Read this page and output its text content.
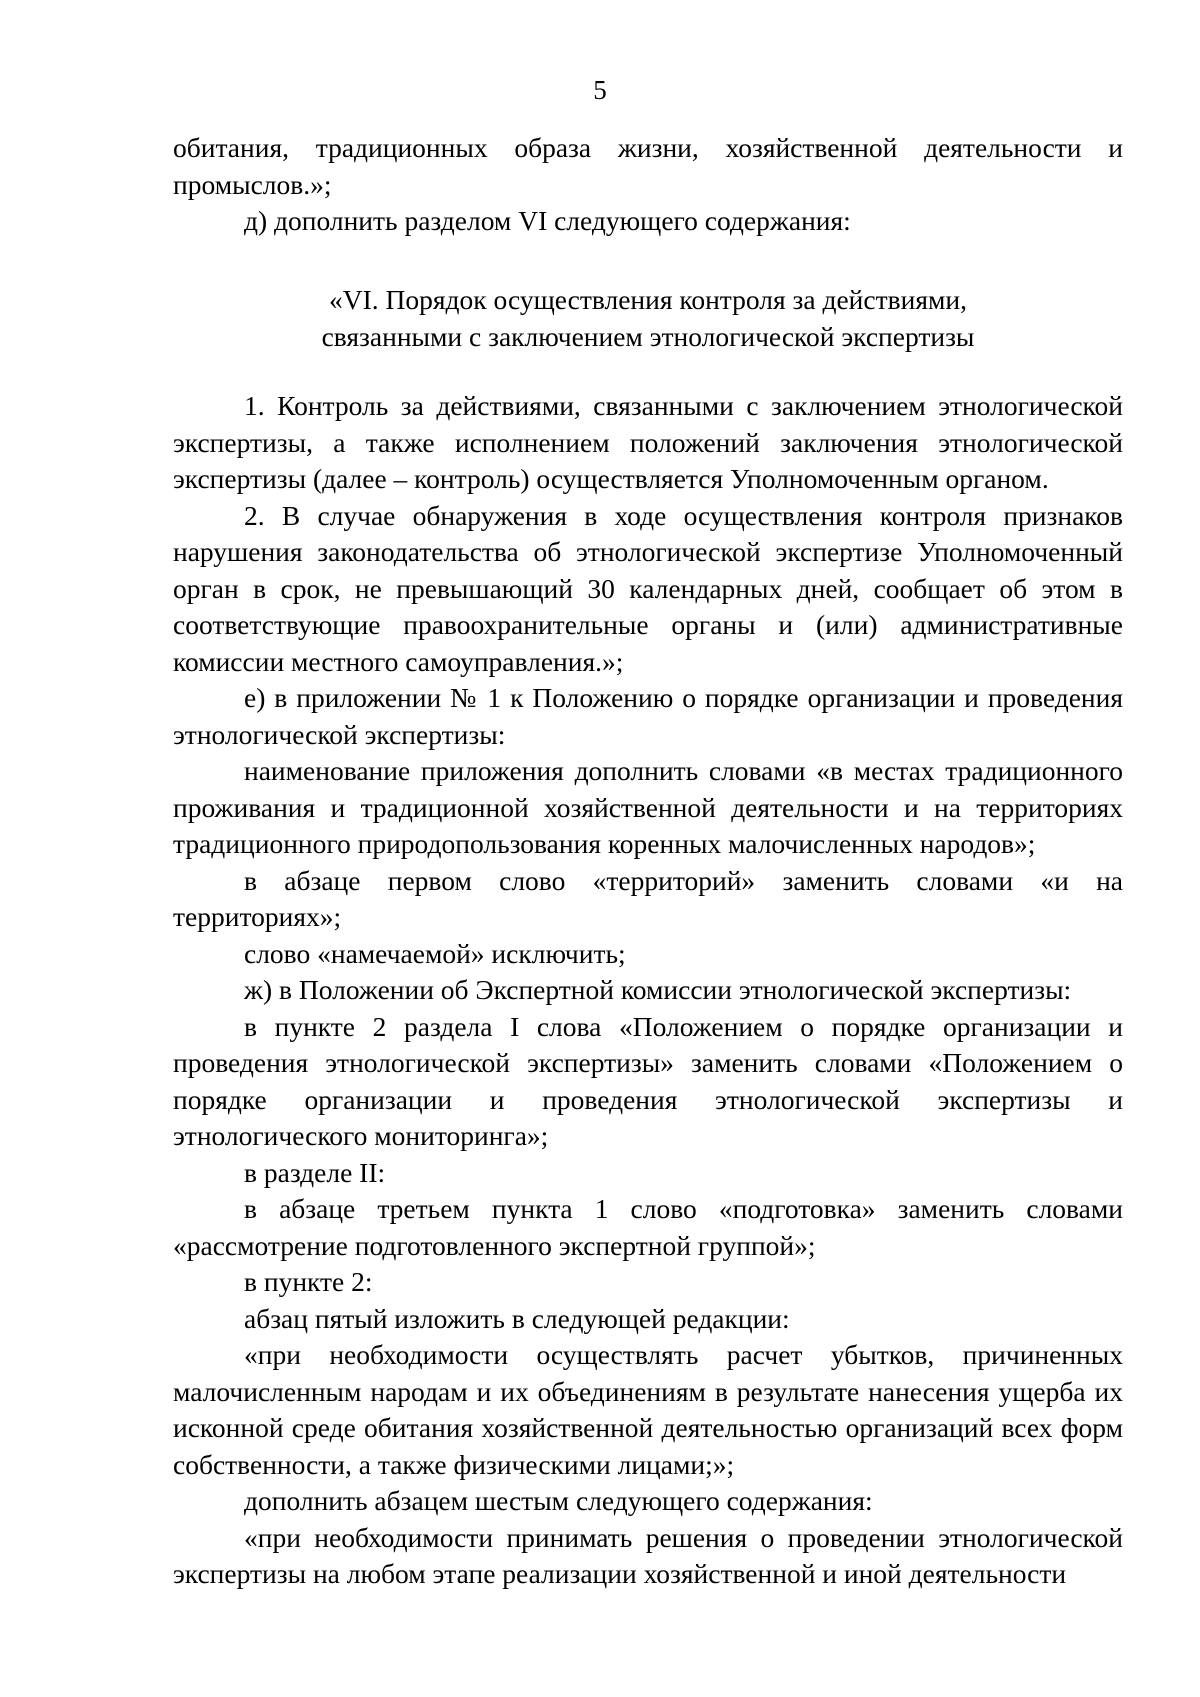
5

обитания, традиционных образа жизни, хозяйственной деятельности и промыслов.»;

д) дополнить разделом VI следующего содержания:

«VI. Порядок осуществления контроля за действиями,
связанными с заключением этнологической экспертизы

1. Контроль за действиями, связанными с заключением этнологической экспертизы, а также исполнением положений заключения этнологической экспертизы (далее – контроль) осуществляется Уполномоченным органом.

2. В случае обнаружения в ходе осуществления контроля признаков нарушения законодательства об этнологической экспертизе Уполномоченный орган в срок, не превышающий 30 календарных дней, сообщает об этом в соответствующие правоохранительные органы и (или) административные комиссии местного самоуправления.»;

е) в приложении № 1 к Положению о порядке организации и проведения этнологической экспертизы:

наименование приложения дополнить словами «в местах традиционного проживания и традиционной хозяйственной деятельности и на территориях традиционного природопользования коренных малочисленных народов»;

в абзаце первом слово «территорий» заменить словами «и на территориях»;

слово «намечаемой» исключить;

ж) в Положении об Экспертной комиссии этнологической экспертизы:

в пункте 2 раздела I слова «Положением о порядке организации и проведения этнологической экспертизы» заменить словами «Положением о порядке организации и проведения этнологической экспертизы и этнологического мониторинга»;

в разделе II:

в абзаце третьем пункта 1 слово «подготовка» заменить словами «рассмотрение подготовленного экспертной группой»;

в пункте 2:

абзац пятый изложить в следующей редакции:

«при необходимости осуществлять расчет убытков, причиненных малочисленным народам и их объединениям в результате нанесения ущерба их исконной среде обитания хозяйственной деятельностью организаций всех форм собственности, а также физическими лицами;»;

дополнить абзацем шестым следующего содержания:

«при необходимости принимать решения о проведении этнологической экспертизы на любом этапе реализации хозяйственной и иной деятельности
